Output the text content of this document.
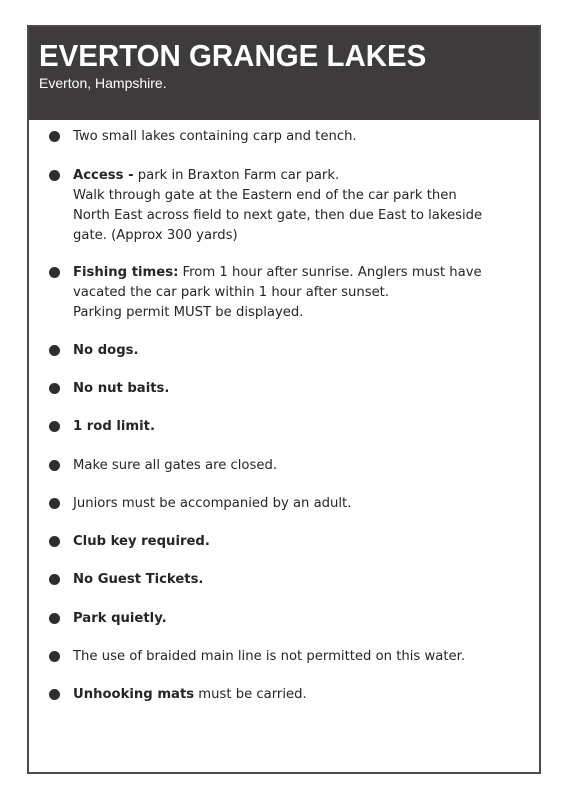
EVERTON GRANGE LAKES
Everton, Hampshire.
Two small lakes containing carp and tench.
Access - park in Braxton Farm car park.
Walk through gate at the Eastern end of the car park then
North East across field to next gate, then due East to lakeside
gate. (Approx 300 yards)
Fishing times: From 1 hour after sunrise. Anglers must have
vacated the car park within 1 hour after sunset.
Parking permit MUST be displayed.
No dogs.
No nut baits.
1 rod limit.
Make sure all gates are closed.
Juniors must be accompanied by an adult.
Club key required.
No Guest Tickets.
Park quietly.
The use of braided main line is not permitted on this water.
Unhooking mats must be carried.
